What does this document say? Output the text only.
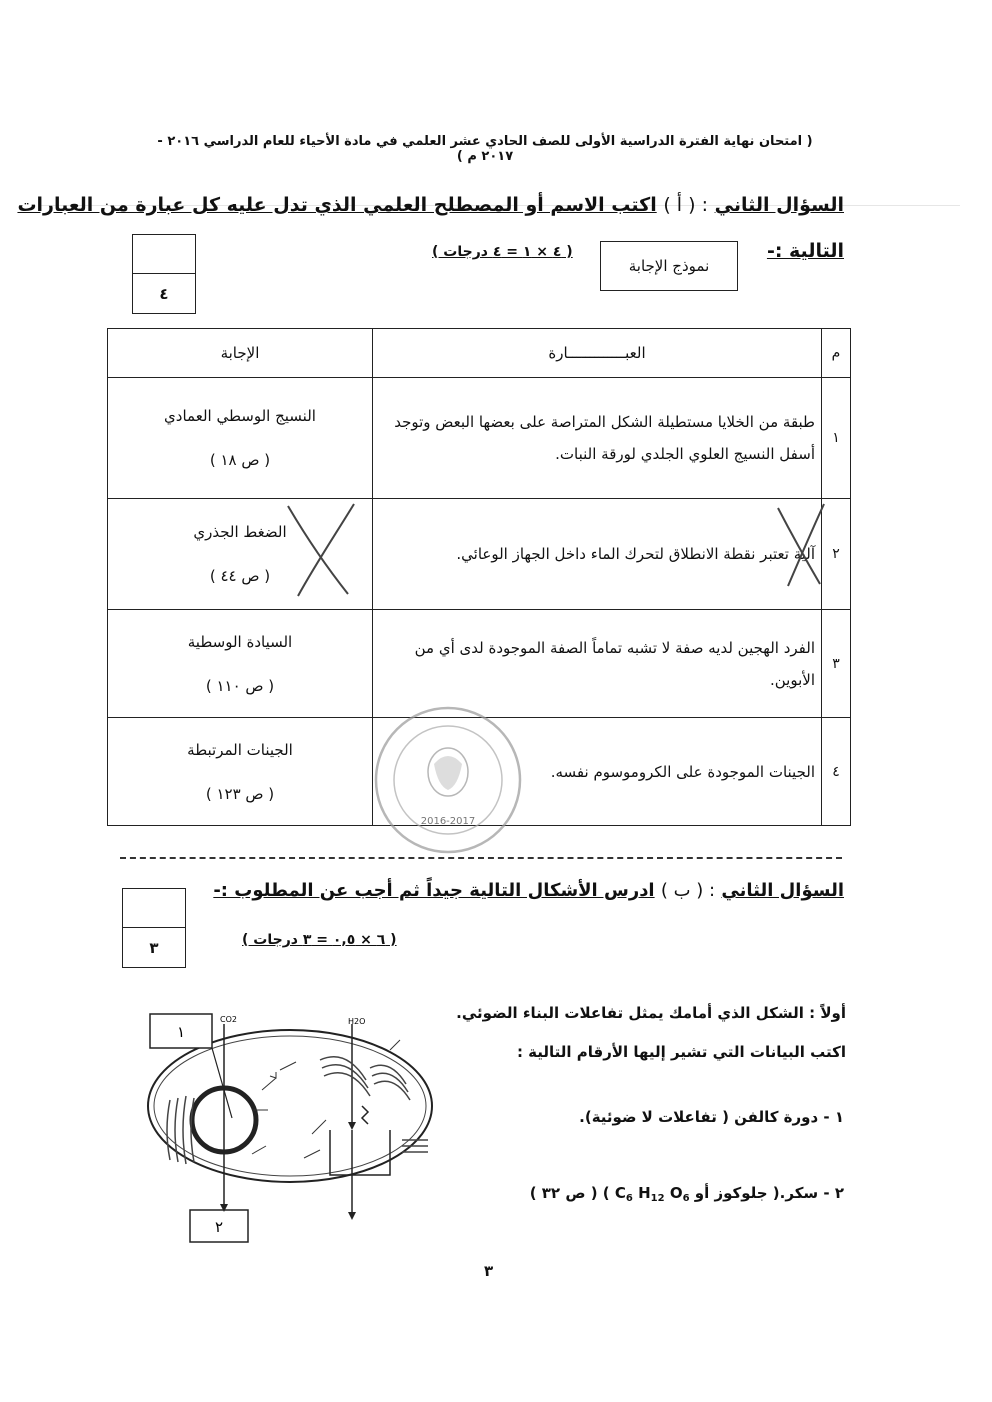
( امتحان نهاية الفترة الدراسية الأولى للصف الحادي عشر العلمي في مادة الأحياء للعام الدراسي ٢٠١٦ - ٢٠١٧ م )
السؤال الثاني : ( أ ) اكتب الاسم أو المصطلح العلمي الذي تدل عليه كل عبارة من العبارات
التالية :-
( ٤ × ١ = ٤ درجات )
نموذج الإجابة
٤
م	العبـــــــــــــارة	الإجابة
١	طبقة من الخلايا مستطيلة الشكل المتراصة على بعضها البعض وتوجد أسفل النسيج العلوي الجلدي لورقة النبات.	النسيج الوسطي العمادي
( ص ١٨ )

٢	آلية تعتبر نقطة الانطلاق لتحرك الماء داخل الجهاز الوعائي.	الضغط الجذري
( ص ٤٤ )

٣	الفرد الهجين لديه صفة لا تشبه تماماً الصفة الموجودة لدى أي من الأبوين.	السيادة الوسطية
( ص ١١٠ )

٤	الجينات الموجودة على الكروموسوم نفسه.	الجينات المرتبطة
( ص ١٢٣ )
2016-2017
السؤال الثاني : ( ب ) ادرس الأشكال التالية جيداً ثم أجب عن المطلوب :-
( ٦ × ٠,٥ = ٣ درجات )
٣
أولاً : الشكل الذي أمامك يمثل تفاعلات البناء الضوئي.
اكتب البيانات التي تشير إليها الأرقام التالية :
١ - دورة كالفن ( تفاعلات لا ضوئية).
٢ - سكر.( جلوكوز أو $C_6$ $H_{12}$ $O_6$ ) ( ص ٣٢ )
١
٢
CO2	H2O
٣
